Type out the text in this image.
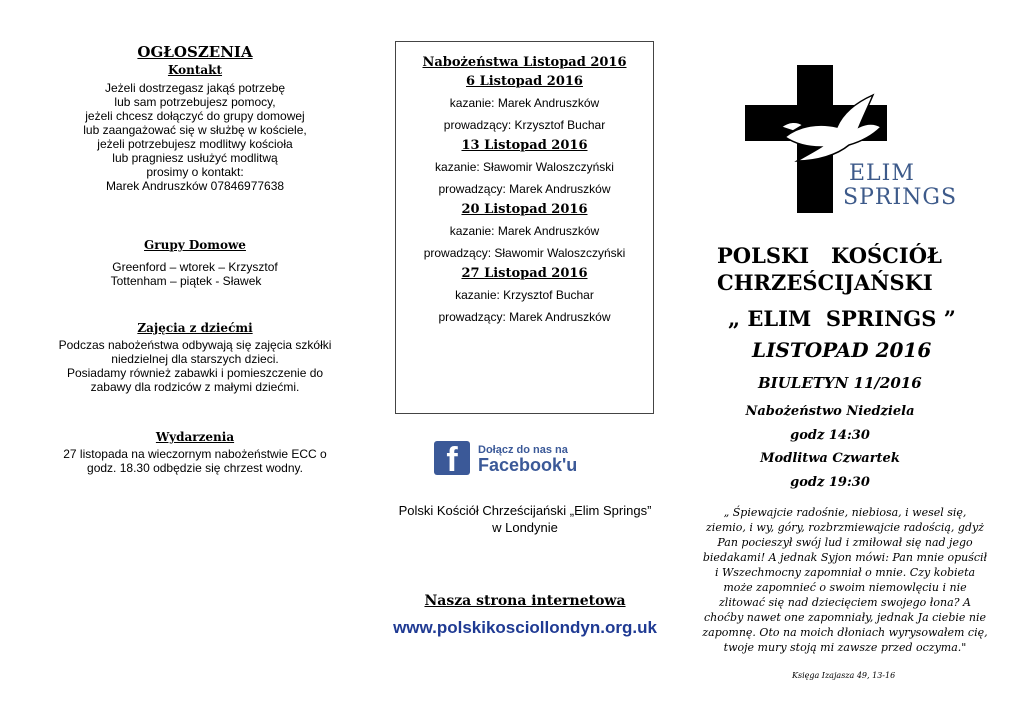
OGŁOSZENIA
Kontakt
Jeżeli dostrzegasz jakąś potrzebę
lub sam potrzebujesz pomocy,
jeżeli chcesz dołączyć do grupy domowej
lub zaangażować się w służbę w kościele,
jeżeli potrzebujesz modlitwy kościoła
lub pragniesz usłużyć modlitwą
prosimy o kontakt:
Marek Andruszków 07846977638
Grupy Domowe
Greenford – wtorek – Krzysztof
Tottenham – piątek - Sławek
Zajęcia z dziećmi
Podczas nabożeństwa odbywają się zajęcia szkółki
niedzielnej dla starszych dzieci.
Posiadamy również zabawki i pomieszczenie do
zabawy dla rodziców z małymi dziećmi.
Wydarzenia
27 listopada na wieczornym nabożeństwie ECC o
godz. 18.30 odbędzie się chrzest wodny.
Nabożeństwa Listopad 2016
6 Listopad 2016
kazanie: Marek Andruszków
prowadzący: Krzysztof Buchar
13 Listopad 2016
kazanie: Sławomir Waloszczyński
prowadzący: Marek Andruszków
20 Listopad 2016
kazanie: Marek Andruszków
prowadzący: Sławomir Waloszczyński
27 Listopad 2016
kazanie: Krzysztof Buchar
prowadzący: Marek Andruszków
f	Dołącz do nas na
Facebook'u
Polski Kościół Chrześcijański „Elim Springs”
w Londynie
Nasza strona internetowa
www.polskikosciollondyn.org.uk
ELIM
SPRINGS
POLSKI   KOŚCIÓŁ
CHRZEŚCIJAŃSKI
„ ELIM  SPRINGS ”
LISTOPAD 2016
BIULETYN 11/2016
Nabożeństwo Niedziela
godz 14:30
Modlitwa Czwartek
godz 19:30
„ Śpiewajcie radośnie, niebiosa, i wesel się, ziemio, i wy, góry, rozbrzmiewajcie radością, gdyż Pan pocieszył swój lud i zmiłował się nad jego biedakami! A jednak Syjon mówi: Pan mnie opuścił i Wszechmocny zapomniał o mnie. Czy kobieta może zapomnieć o swoim niemowlęciu i nie zlitować się nad dziecięciem swojego łona? A choćby nawet one zapomniały, jednak Ja ciebie nie zapomnę. Oto na moich dłoniach wyrysowałem cię, twoje mury stoją mi zawsze przed oczyma."
Księga Izajasza 49, 13-16
